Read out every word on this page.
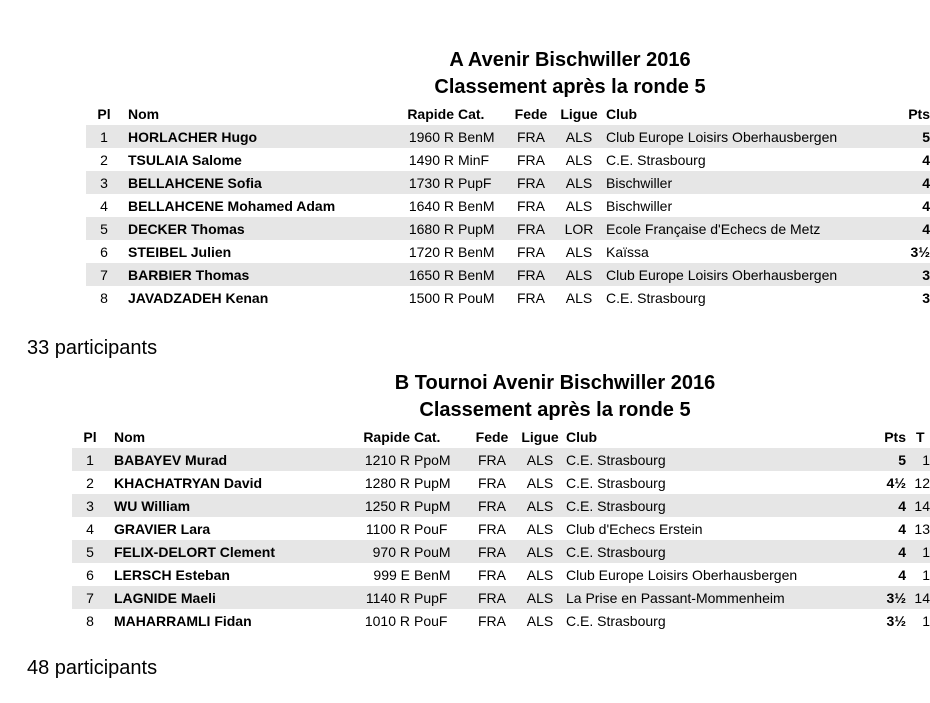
A Avenir Bischwiller 2016
Classement après la ronde 5
Pl	Nom	Rapide	Cat.	Fede	Ligue	Club	Pts	
1	HORLACHER Hugo	1960 R	BenM	FRA	ALS	Club Europe Loisirs Oberhausbergen	5	
2	TSULAIA Salome	1490 R	MinF	FRA	ALS	C.E. Strasbourg	4	
3	BELLAHCENE Sofia	1730 R	PupF	FRA	ALS	Bischwiller	4	
4	BELLAHCENE Mohamed Adam	1640 R	BenM	FRA	ALS	Bischwiller	4	
5	DECKER Thomas	1680 R	PupM	FRA	LOR	Ecole Française d'Echecs de Metz	4	
6	STEIBEL Julien	1720 R	BenM	FRA	ALS	Kaïssa	3½	
7	BARBIER Thomas	1650 R	BenM	FRA	ALS	Club Europe Loisirs Oberhausbergen	3	
8	JAVADZADEH Kenan	1500 R	PouM	FRA	ALS	C.E. Strasbourg	3	
33 participants
B Tournoi Avenir Bischwiller 2016
Classement après la ronde 5
Pl	Nom	Rapide	Cat.	Fede	Ligue	Club	Pts	T
1	BABAYEV Murad	1210 R	PpoM	FRA	ALS	C.E. Strasbourg	5	1
2	KHACHATRYAN David	1280 R	PupM	FRA	ALS	C.E. Strasbourg	4½	12
3	WU William	1250 R	PupM	FRA	ALS	C.E. Strasbourg	4	14
4	GRAVIER Lara	1100 R	PouF	FRA	ALS	Club d'Echecs Erstein	4	13
5	FELIX-DELORT Clement	970 R	PouM	FRA	ALS	C.E. Strasbourg	4	1
6	LERSCH Esteban	999 E	BenM	FRA	ALS	Club Europe Loisirs Oberhausbergen	4	1
7	LAGNIDE Maeli	1140 R	PupF	FRA	ALS	La Prise en Passant-Mommenheim	3½	14
8	MAHARRAMLI Fidan	1010 R	PouF	FRA	ALS	C.E. Strasbourg	3½	1
48 participants
